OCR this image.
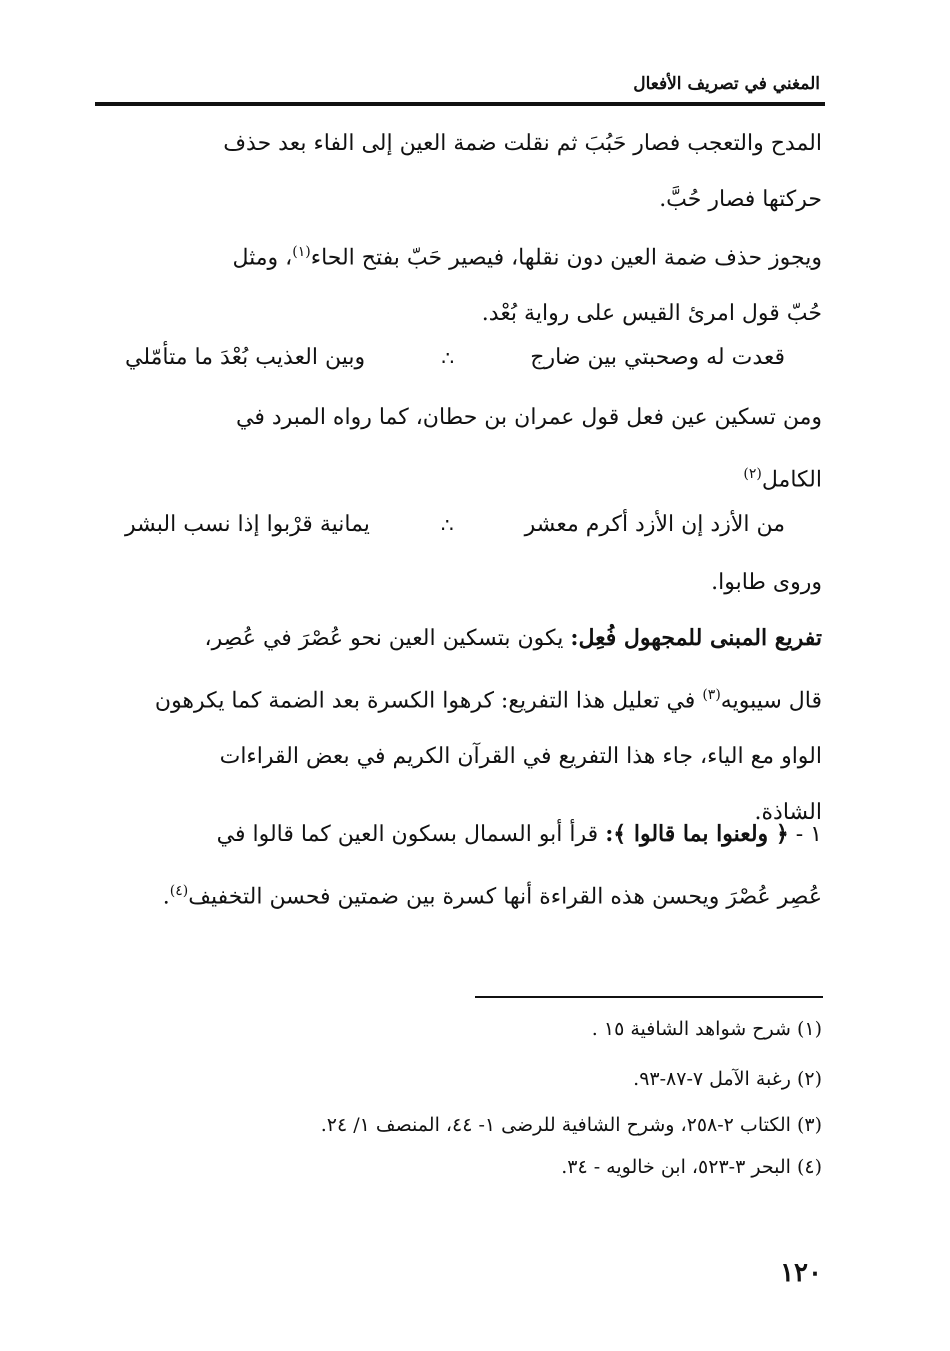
المغني في تصريف الأفعال
المدح والتعجب فصار حَبُبَ ثم نقلت ضمة العين إلى الفاء بعد حذف
حركتها فصار حُبَّ.
ويجوز حذف ضمة العين دون نقلها، فيصير حَبّ بفتح الحاء$^{(١)}$، ومثل
حُبّ قول امرئ القيس على رواية بُعْد.
قعدت له وصحبتي بين ضارج
∴
وبين العذيب بُعْدَ ما متأمّلي
ومن تسكين عين فعل قول عمران بن حطان، كما رواه المبرد في
الكامل$^{(٢)}$
من الأزد إن الأزد أكرم معشر
∴
يمانية قرْبوا إذا نسب البشر
وروى طابوا.
تفريع المبنى للمجهول فُعِل: يكون بتسكين العين نحو عُصْرَ في عُصِر،
قال سيبويه$^{(٣)}$ في تعليل هذا التفريع: كرهوا الكسرة بعد الضمة كما يكرهون
الواو مع الياء، جاء هذا التفريع في القرآن الكريم في بعض القراءات
الشاذة.
١ - ﴿ ولعنوا بما قالوا ﴾: قرأ أبو السمال بسكون العين كما قالوا في
عُصِر عُصْرَ ويحسن هذه القراءة أنها كسرة بين ضمتين فحسن التخفيف$^{(٤)}$.
(١) شرح شواهد الشافية ١٥ .
(٢) رغبة الآمل ٧-٨٧-٩٣.
(٣) الكتاب ٢-٢٥٨، وشرح الشافية للرضى ١- ٤٤، المنصف ١/ ٢٤.
(٤) البحر ٣-٥٢٣، ابن خالويه - ٣٤.
١٢٠
